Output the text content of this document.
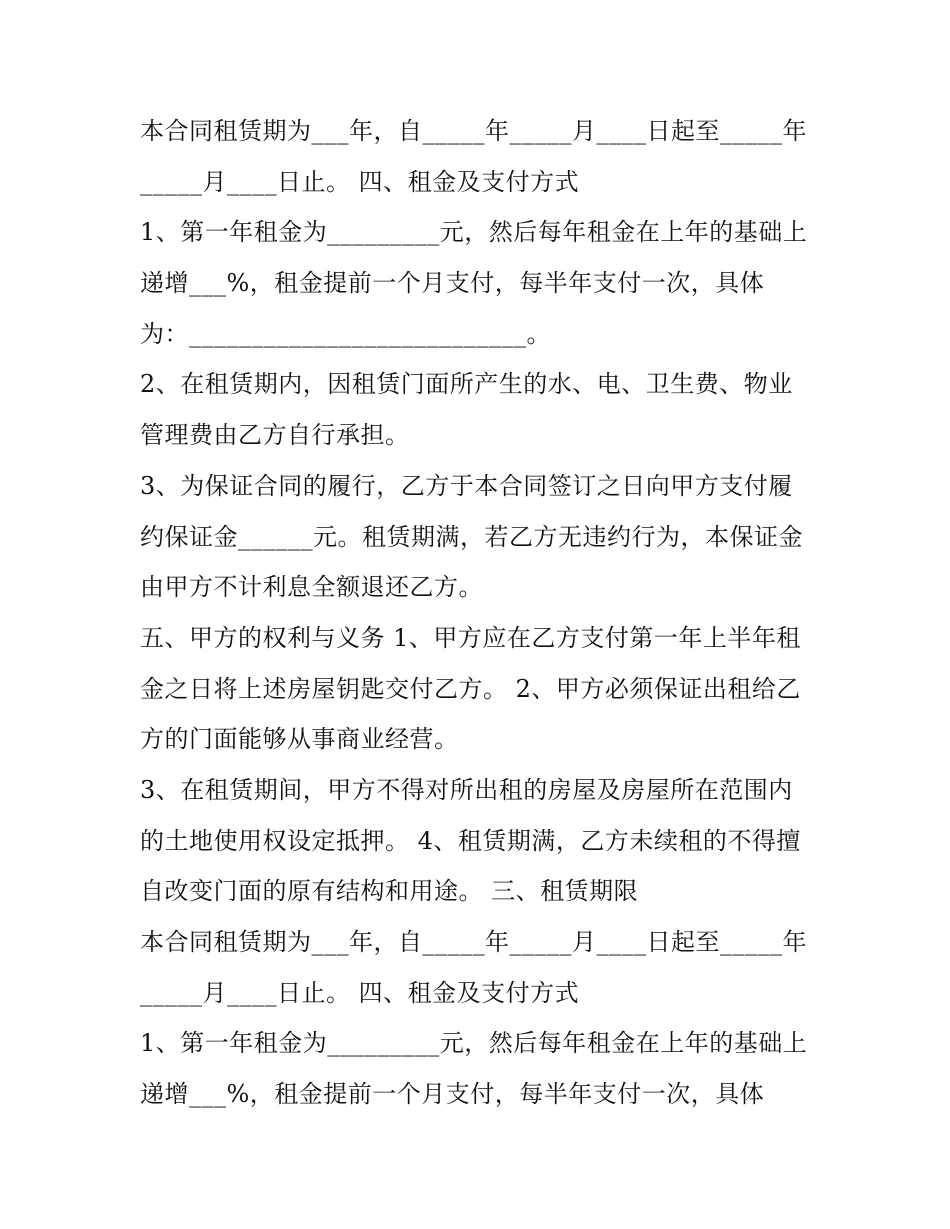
本合同租赁期为___年，自_____年_____月____日起至_____年
_____月____日止。 四、租金及支付方式
1、第一年租金为_________元，然后每年租金在上年的基础上
递增___%，租金提前一个月支付，每半年支付一次，具体
为：___________________________。
2、在租赁期内，因租赁门面所产生的水、电、卫生费、物业
管理费由乙方自行承担。
3、为保证合同的履行，乙方于本合同签订之日向甲方支付履
约保证金______元。租赁期满，若乙方无违约行为，本保证金
由甲方不计利息全额退还乙方。
五、甲方的权利与义务 1、甲方应在乙方支付第一年上半年租
金之日将上述房屋钥匙交付乙方。 2、甲方必须保证出租给乙
方的门面能够从事商业经营。
3、在租赁期间，甲方不得对所出租的房屋及房屋所在范围内
的土地使用权设定抵押。 4、租赁期满，乙方未续租的不得擅
自改变门面的原有结构和用途。 三、租赁期限
本合同租赁期为___年，自_____年_____月____日起至_____年
_____月____日止。 四、租金及支付方式
1、第一年租金为_________元，然后每年租金在上年的基础上
递增___%，租金提前一个月支付，每半年支付一次，具体
